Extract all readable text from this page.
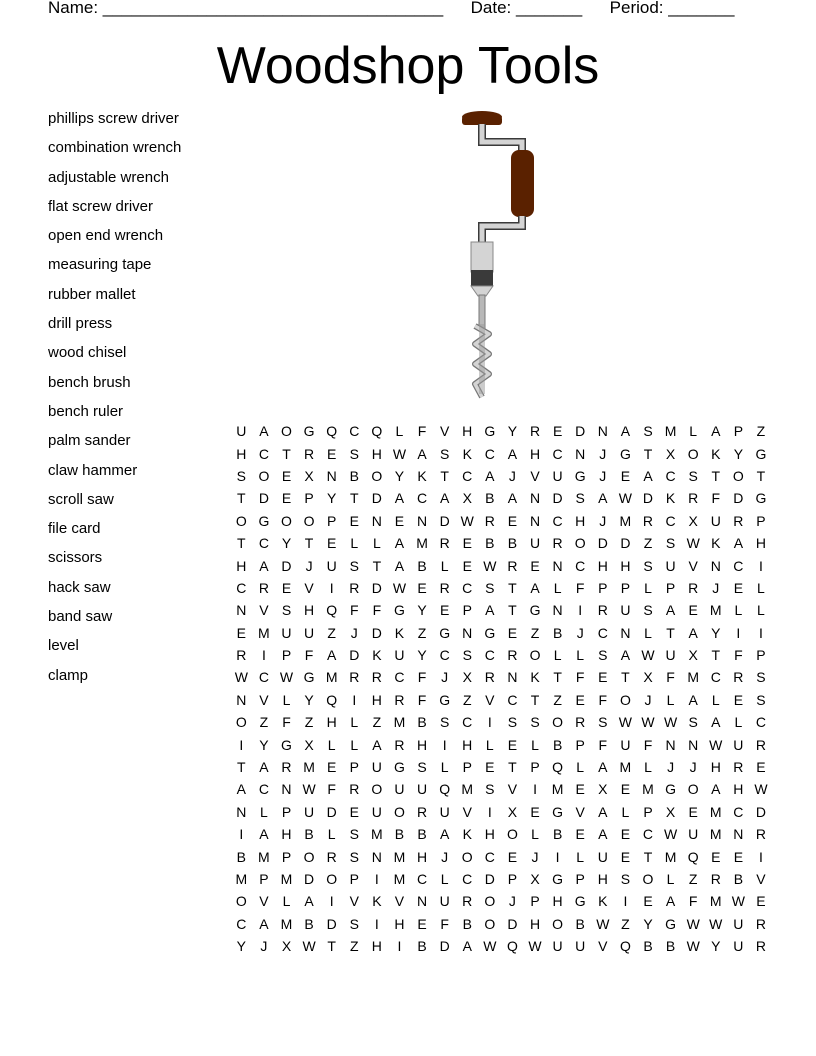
Name: ____________________________________ Date: _______ Period: _______
Woodshop Tools
phillips screw driver
combination wrench
adjustable wrench
flat screw driver
open end wrench
measuring tape
rubber mallet
drill press
wood chisel
bench brush
bench ruler
palm sander
claw hammer
scroll saw
file card
scissors
hack saw
band saw
level
clamp
U	A	O	G	Q	C	Q	L	F	V	H	G	Y	R	E	D	N	A	S	M	L	A	P	Z
H	C	T	R	E	S	H	W	A	S	K	C	A	H	C	N	J	G	T	X	O	K	Y	G
S	O	E	X	N	B	O	Y	K	T	C	A	J	V	U	G	J	E	A	C	S	T	O	T
T	D	E	P	Y	T	D	A	C	A	X	B	A	N	D	S	A	W	D	K	R	F	D	G
O	G	O	O	P	E	N	E	N	D	W	R	E	N	C	H	J	M	R	C	X	U	R	P
T	C	Y	T	E	L	L	A	M	R	E	B	B	U	R	O	D	D	Z	S	W	K	A	H
H	A	D	J	U	S	T	A	B	L	E	W	R	E	N	C	H	H	S	U	V	N	C	I
C	R	E	V	I	R	D	W	E	R	C	S	T	A	L	F	P	P	L	P	R	J	E	L
N	V	S	H	Q	F	F	G	Y	E	P	A	T	G	N	I	R	U	S	A	E	M	L	L
E	M	U	U	Z	J	D	K	Z	G	N	G	E	Z	B	J	C	N	L	T	A	Y	I	I
R	I	P	F	A	D	K	U	Y	C	S	C	R	O	L	L	S	A	W	U	X	T	F	P
W	C	W	G	M	R	R	C	F	J	X	R	N	K	T	F	E	T	X	F	M	C	R	S
N	V	L	Y	Q	I	H	R	F	G	Z	V	C	T	Z	E	F	O	J	L	A	L	E	S
O	Z	F	Z	H	L	Z	M	B	S	C	I	S	S	O	R	S	W	W	W	S	A	L	C
I	Y	G	X	L	L	A	R	H	I	H	L	E	L	B	P	F	U	F	N	N	W	U	R
T	A	R	M	E	P	U	G	S	L	P	E	T	P	Q	L	A	M	L	J	J	H	R	E
A	C	N	W	F	R	O	U	U	Q	M	S	V	I	M	E	X	E	M	G	O	A	H	W
N	L	P	U	D	E	U	O	R	U	V	I	X	E	G	V	A	L	P	X	E	M	C	D
I	A	H	B	L	S	M	B	B	A	K	H	O	L	B	E	A	E	C	W	U	M	N	R
B	M	P	O	R	S	N	M	H	J	O	C	E	J	I	L	U	E	T	M	Q	E	E	I
M	P	M	D	O	P	I	M	C	L	C	D	P	X	G	P	H	S	O	L	Z	R	B	V
O	V	L	A	I	V	K	V	N	U	R	O	J	P	H	G	K	I	E	A	F	M	W	E
C	A	M	B	D	S	I	H	E	F	B	O	D	H	O	B	W	Z	Y	G	W	W	U	R
Y	J	X	W	T	Z	H	I	B	D	A	W	Q	W	U	U	V	Q	B	B	W	Y	U	R
